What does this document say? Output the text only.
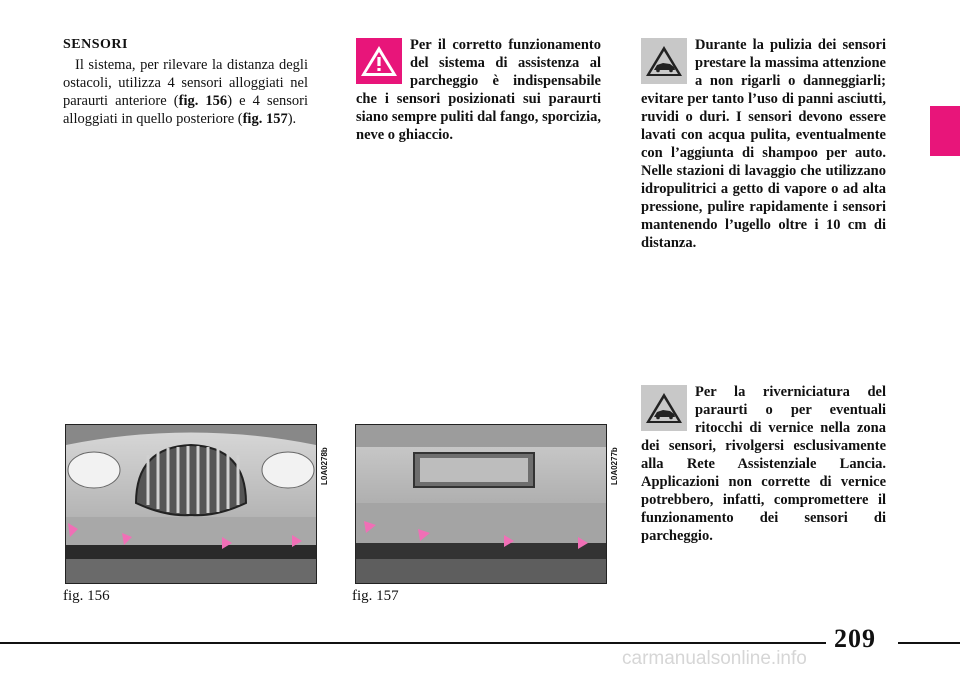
SENSORI

Il sistema, per rilevare la distanza degli ostacoli, utilizza 4 sensori alloggiati nel paraurti anteriore (fig. 156) e 4 sensori alloggiati in quello posteriore (fig. 157).

Per il corretto funzionamento del sistema di assistenza al parcheggio è indispensabile che i sensori posizionati sui paraurti siano sempre puliti dal fango, sporcizia, neve o ghiaccio.

Durante la pulizia dei sensori prestare la massima attenzione a non rigarli o danneggiarli; evitare per tanto l’uso di panni asciutti, ruvidi o duri. I sensori devono essere lavati con acqua pulita, eventualmente con l’aggiunta di shampoo per auto. Nelle stazioni di lavaggio che utilizzano idropulitrici a getto di vapore o ad alta pressione, pulire rapidamente i sensori mantenendo l’ugello oltre i 10 cm di distanza.

Per la riverniciatura del paraurti o per eventuali ritocchi di vernice nella zona dei sensori, rivolgersi esclusivamente alla Rete Assistenziale Lancia. Applicazioni non corrette di vernice potrebbero, infatti, compromettere il funzionamento dei sensori di parcheggio.

L0A0278b	L0A0277b
fig. 156	fig. 157
209
carmanualsonline.info
